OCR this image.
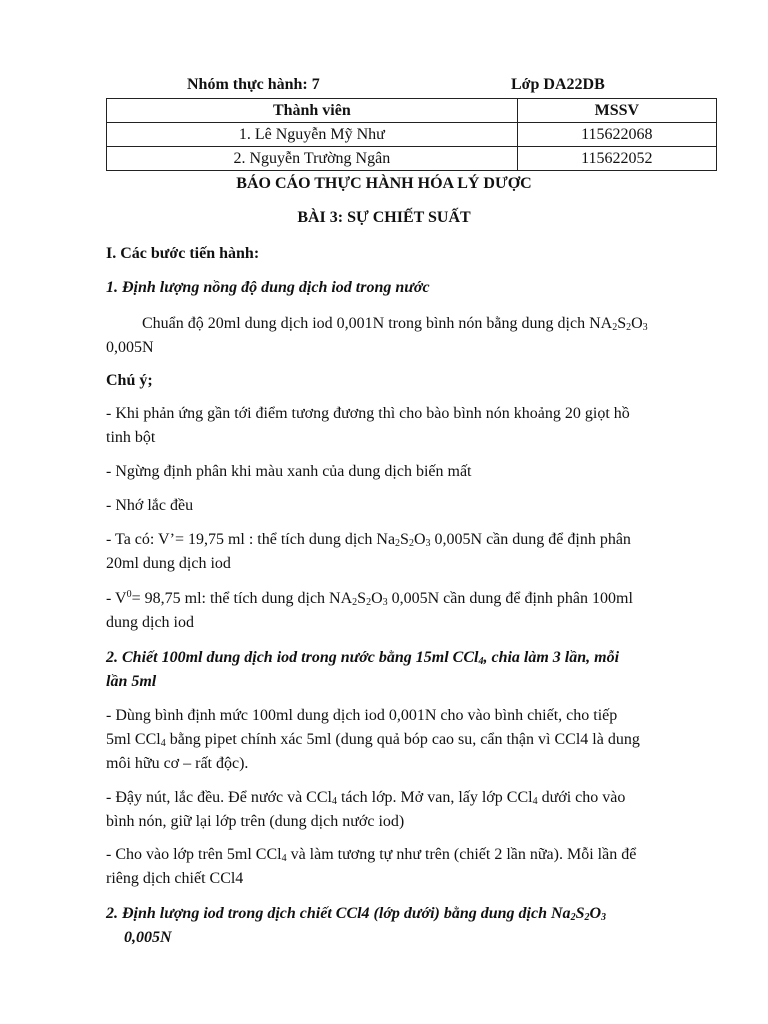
Nhóm thực hành: 7	Lớp DA22DB
Thành viên	MSSV
1. Lê Nguyễn Mỹ Như	115622068
2. Nguyễn Trường Ngân	115622052
BÁO CÁO THỰC HÀNH HÓA LÝ DƯỢC
BÀI 3: SỰ CHIẾT SUẤT
I. Các bước tiến hành:
1. Định lượng nồng độ dung dịch iod trong nước
Chuẩn độ 20ml dung dịch iod 0,001N trong bình nón bằng dung dịch $NA_2S_2O_3$
0,005N
Chú ý;
- Khi phản ứng gần tới điểm tương đương thì cho bào bình nón khoảng 20 giọt hồ
tinh bột
- Ngừng định phân khi màu xanh của dung dịch biến mất
- Nhớ lắc đều
- Ta có: V’= 19,75 ml : thể tích dung dịch $Na_2S_2O_3$ 0,005N cần dung để định phân
20ml dung dịch iod
- $V^0= 98,75$ ml: thể tích dung dịch $NA_2S_2O_3$ 0,005N cần dung để định phân 100ml
dung dịch iod
2. Chiết 100ml dung dịch iod trong nước bằng 15ml CCl$_4$, chia làm 3 lần, mỗi
lần 5ml
- Dùng bình định mức 100ml dung dịch iod 0,001N cho vào bình chiết, cho tiếp
5ml CCl$_4$ bằng pipet chính xác 5ml (dung quả bóp cao su, cẩn thận vì CCl4 là dung
môi hữu cơ – rất độc).
- Đậy nút, lắc đều. Để nước và CCl$_4$ tách lớp. Mở van, lấy lớp CCl$_4$ dưới cho vào
bình nón, giữ lại lớp trên (dung dịch nước iod)
- Cho vào lớp trên 5ml CCl$_4$ và làm tương tự như trên (chiết 2 lần nữa). Mỗi lần để
riêng dịch chiết CCl4
2. Định lượng iod trong dịch chiết CCl4 (lớp dưới) bằng dung dịch $Na_2S_2O_3$
0,005N
